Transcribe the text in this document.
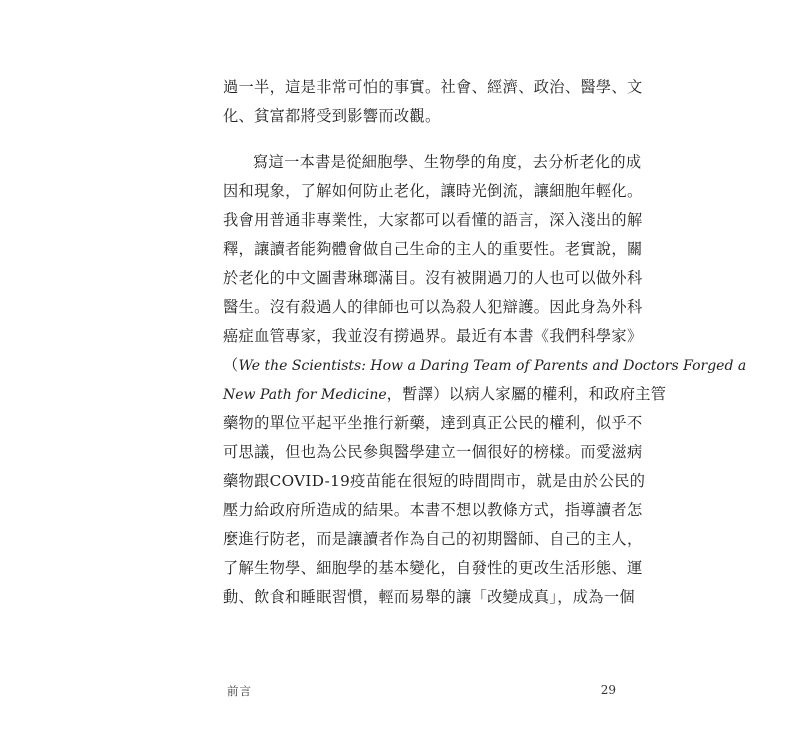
過一半，這是非常可怕的事實。社會、經濟、政治、醫學、文
化、貧富都將受到影響而改觀。
寫這一本書是從細胞學、生物學的角度，去分析老化的成
因和現象，了解如何防止老化，讓時光倒流，讓細胞年輕化。
我會用普通非專業性，大家都可以看懂的語言，深入淺出的解
釋，讓讀者能夠體會做自己生命的主人的重要性。老實說，關
於老化的中文圖書琳瑯滿目。沒有被開過刀的人也可以做外科
醫生。沒有殺過人的律師也可以為殺人犯辯護。因此身為外科
癌症血管專家，我並沒有撈過界。最近有本書《我們科學家》
（We the Scientists: How a Daring Team of Parents and Doctors Forged a
New Path for Medicine，暫譯）以病人家屬的權利，和政府主管
藥物的單位平起平坐推行新藥，達到真正公民的權利，似乎不
可思議，但也為公民參與醫學建立一個很好的榜樣。而愛滋病
藥物跟COVID-19疫苗能在很短的時間問市，就是由於公民的
壓力給政府所造成的結果。本書不想以教條方式，指導讀者怎
麼進行防老，而是讓讀者作為自己的初期醫師、自己的主人，
了解生物學、細胞學的基本變化，自發性的更改生活形態、運
動、飲食和睡眠習慣，輕而易舉的讓「改變成真」，成為一個
前言	29
